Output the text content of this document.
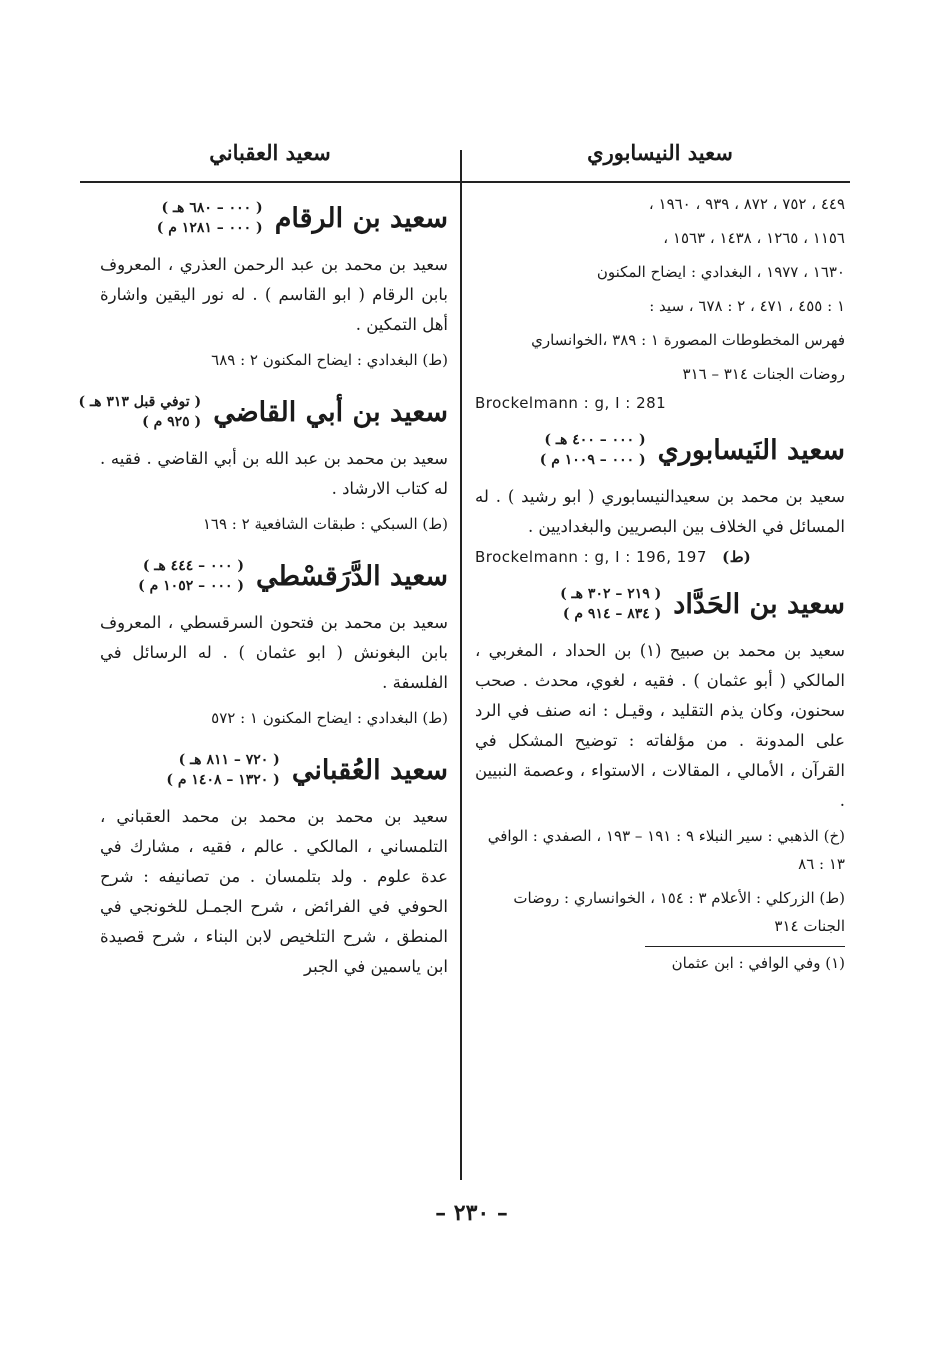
سعيد النيسابوري
سعيد العقباني
٤٤٩ ، ٧٥٢ ، ٨٧٢ ، ٩٣٩ ، ١٩٦٠ ،
١١٥٦ ، ١٢٦٥ ، ١٤٣٨ ، ١٥٦٣ ،
١٦٣٠ ، ١٩٧٧ ، البغدادي : ايضاح المكنون
١ : ٤٥٥ ، ٤٧١ ، ٢ : ٦٧٨ ، سيد :
فهرس المخطوطات المصورة ١ : ٣٨٩ ،الخوانساري
روضات الجنات ٣١٤ – ٣١٦
Brockelmann : g, I : 281
سعيد النَيسابوري
( ٠٠٠ – ٤٠٠ هـ )
( ٠٠٠ – ١٠٠٩ م )
سعيد بن محمد بن سعيدالنيسابوري ( ابو رشيد ) . له المسائل في الخلاف بين البصريين والبغداديين .
Brockelmann : g, I : 196, 197 (ط)
سعيد بن الحَدَّاد
( ٢١٩ – ٣٠٢ هـ )
( ٨٣٤ – ٩١٤ م )
سعيد بن محمد بن صبيح (١) بن الحداد ، المغربي ، المالكي ( أبو عثمان ) . فقيه ، لغوي، محدث . صحب سحنون، وكان يذم التقليد ، وقيـل : انه صنف في الرد على المدونة . من مؤلفاته : توضيح المشكل في القرآن ، الأمالي ، المقالات ، الاستواء ، وعصمة النبيين .
(خ) الذهبي : سير النبلاء ٩ : ١٩١ – ١٩٣ ، الصفدي : الوافي ١٣ : ٨٦
(ط) الزركلي : الأعلام ٣ : ١٥٤ ، الخوانساري : روضات الجنات ٣١٤
(١) وفي الوافي : ابن عثمان
سعيد بن الرقام
( ٠٠٠ – ٦٨٠ هـ )
( ٠٠٠ – ١٢٨١ م )
سعيد بن محمد بن عبد الرحمن العذري ، المعروف بابن الرقام ( ابو القاسم ) . له نور اليقين واشارة أهل التمكين .
(ط) البغدادي : ايضاح المكنون ٢ : ٦٨٩
سعيد بن أبي القاضي
( توفي قبل ٣١٣ هـ )
( ٩٢٥ م )
سعيد بن محمد بن عبد الله بن أبي القاضي . فقيه . له كتاب الارشاد .
(ط) السبكي : طبقات الشافعية ٢ : ١٦٩
سعيد الدَّرَقسْطي
( ٠٠٠ – ٤٤٤ هـ )
( ٠٠٠ – ١٠٥٢ م )
سعيد بن محمد بن فتحون السرقسطي ، المعروف بابن البغونش ( ابو عثمان ) . له الرسائل في الفلسفة .
(ط) البغدادي : ايضاح المكنون ١ : ٥٧٢
سعيد العُقباني
( ٧٢٠ – ٨١١ هـ )
( ١٣٢٠ – ١٤٠٨ م )
سعيد بن محمد بن محمد بن محمد العقباني ، التلمساني ، المالكي . عالم ، فقيه ، مشارك في عدة علوم . ولد بتلمسان . من تصانيفه : شرح الحوفي في الفرائض ، شرح الجمـل للخونجي في المنطق ، شرح التلخيص لابن البناء ، شرح قصيدة ابن ياسمين في الجبر
– ٢٣٠ –
